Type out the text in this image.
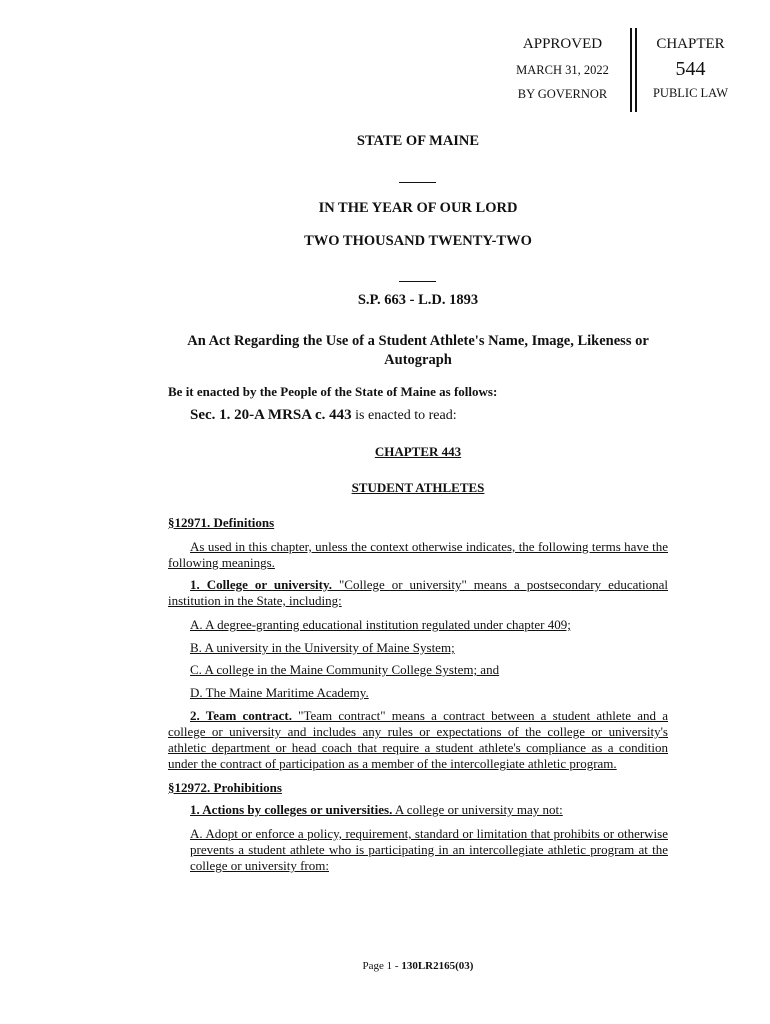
APPROVED
MARCH 31, 2022
BY GOVERNOR
CHAPTER
544
PUBLIC LAW
STATE OF MAINE
IN THE YEAR OF OUR LORD
TWO THOUSAND TWENTY-TWO
S.P. 663 - L.D. 1893
An Act Regarding the Use of a Student Athlete's Name, Image, Likeness or Autograph
Be it enacted by the People of the State of Maine as follows:
Sec. 1. 20-A MRSA c. 443 is enacted to read:
CHAPTER 443
STUDENT ATHLETES
§12971. Definitions
As used in this chapter, unless the context otherwise indicates, the following terms have the following meanings.
1. College or university. "College or university" means a postsecondary educational institution in the State, including:
A. A degree-granting educational institution regulated under chapter 409;
B. A university in the University of Maine System;
C. A college in the Maine Community College System; and
D. The Maine Maritime Academy.
2. Team contract. "Team contract" means a contract between a student athlete and a college or university and includes any rules or expectations of the college or university's athletic department or head coach that require a student athlete's compliance as a condition under the contract of participation as a member of the intercollegiate athletic program.
§12972. Prohibitions
1. Actions by colleges or universities. A college or university may not:
A. Adopt or enforce a policy, requirement, standard or limitation that prohibits or otherwise prevents a student athlete who is participating in an intercollegiate athletic program at the college or university from:
Page 1 - 130LR2165(03)
